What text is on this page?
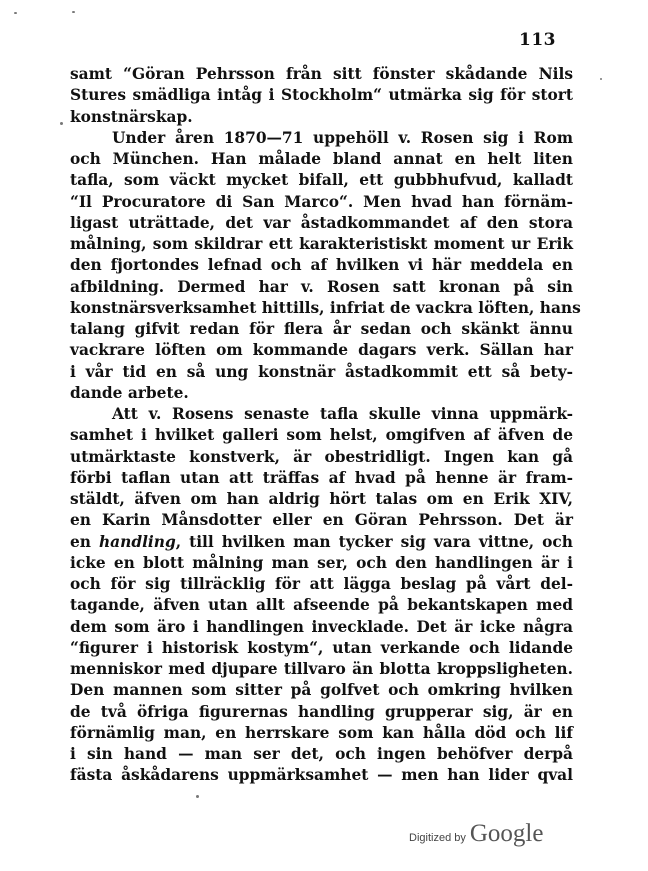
113
samt “Göran Pehrsson från sitt fönster skådande Nils
Stures smädliga intåg i Stockholm“ utmärka sig för stort
konstnärskap.
Under åren 1870—71 uppehöll v. Rosen sig i Rom
och München. Han målade bland annat en helt liten
tafla, som väckt mycket bifall, ett gubbhufvud, kalladt
“Il Procuratore di San Marco“. Men hvad han förnäm-
ligast uträttade, det var åstadkommandet af den stora
målning, som skildrar ett karakteristiskt moment ur Erik
den fjortondes lefnad och af hvilken vi här meddela en
afbildning. Dermed har v. Rosen satt kronan på sin
konstnärsverksamhet hittills, infriat de vackra löften, hans
talang gifvit redan för flera år sedan och skänkt ännu
vackrare löften om kommande dagars verk. Sällan har
i vår tid en så ung konstnär åstadkommit ett så bety-
dande arbete.
Att v. Rosens senaste tafla skulle vinna uppmärk-
samhet i hvilket galleri som helst, omgifven af äfven de
utmärktaste konstverk, är obestridligt. Ingen kan gå
förbi taflan utan att träffas af hvad på henne är fram-
stäldt, äfven om han aldrig hört talas om en Erik XIV,
en Karin Månsdotter eller en Göran Pehrsson. Det är
en handling, till hvilken man tycker sig vara vittne, och
icke en blott målning man ser, och den handlingen är i
och för sig tillräcklig för att lägga beslag på vårt del-
tagande, äfven utan allt afseende på bekantskapen med
dem som äro i handlingen invecklade. Det är icke några
“figurer i historisk kostym“, utan verkande och lidande
menniskor med djupare tillvaro än blotta kroppsligheten.
Den mannen som sitter på golfvet och omkring hvilken
de två öfriga figurernas handling grupperar sig, är en
förnämlig man, en herrskare som kan hålla död och lif
i sin hand — man ser det, och ingen behöfver derpå
fästa åskådarens uppmärksamhet — men han lider qval
Digitized by Google
